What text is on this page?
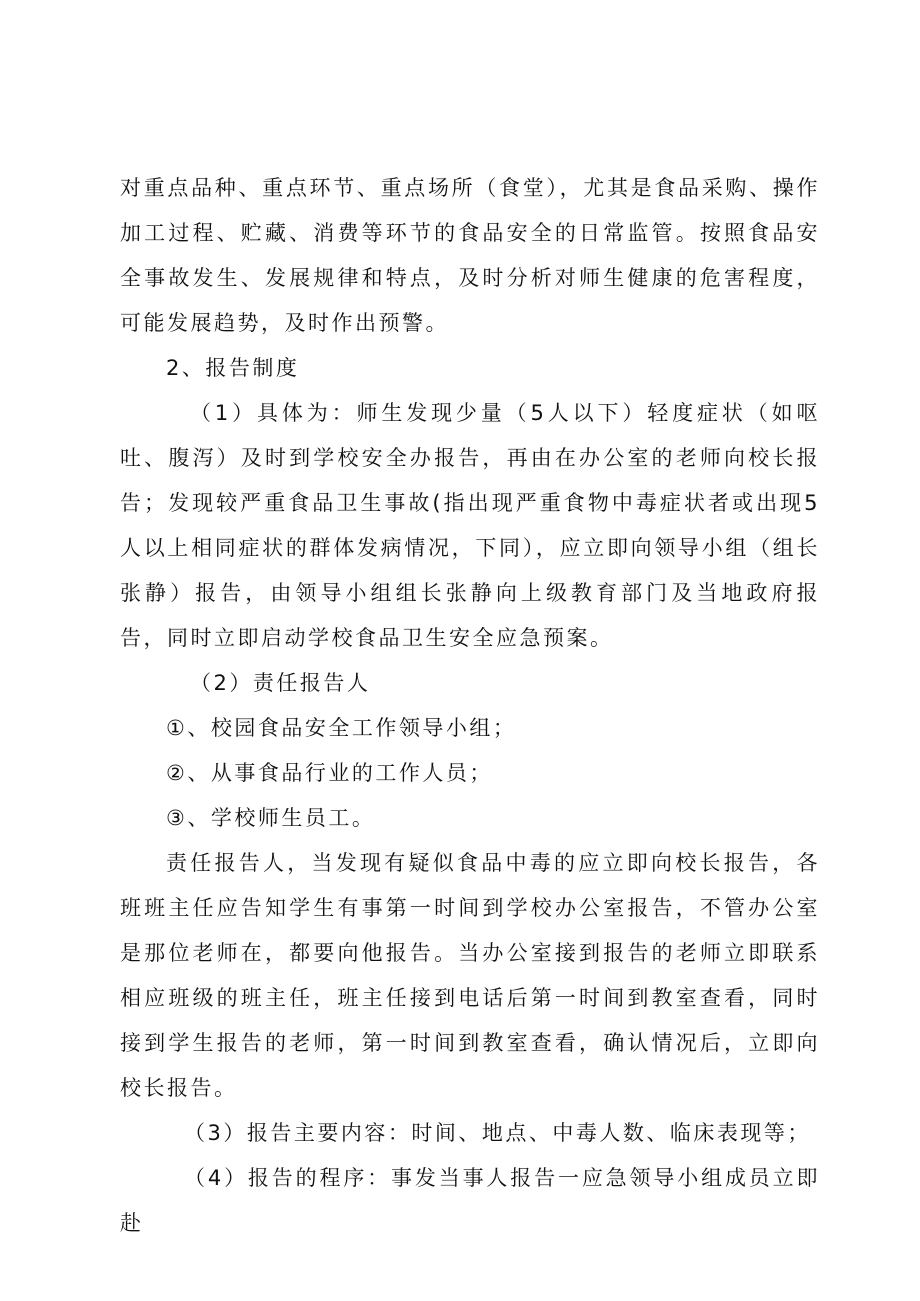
对重点品种、重点环节、重点场所（食堂），尤其是食品采购、操作加工过程、贮藏、消费等环节的食品安全的日常监管。按照食品安全事故发生、发展规律和特点，及时分析对师生健康的危害程度，可能发展趋势，及时作出预警。

2、报告制度

（1）具体为：师生发现少量（5人以下）轻度症状（如呕吐、腹泻）及时到学校安全办报告，再由在办公室的老师向校长报告；发现较严重食品卫生事故(指出现严重食物中毒症状者或出现5人以上相同症状的群体发病情况，下同），应立即向领导小组（组长张静）报告，由领导小组组长张静向上级教育部门及当地政府报告，同时立即启动学校食品卫生安全应急预案。

（2）责任报告人

①、校园食品安全工作领导小组；

②、从事食品行业的工作人员；

③、学校师生员工。

责任报告人，当发现有疑似食品中毒的应立即向校长报告，各班班主任应告知学生有事第一时间到学校办公室报告，不管办公室是那位老师在，都要向他报告。当办公室接到报告的老师立即联系相应班级的班主任，班主任接到电话后第一时间到教室查看，同时接到学生报告的老师，第一时间到教室查看，确认情况后，立即向校长报告。

（3）报告主要内容：时间、地点、中毒人数、临床表现等；

（4）报告的程序：事发当事人报告一应急领导小组成员立即赴
